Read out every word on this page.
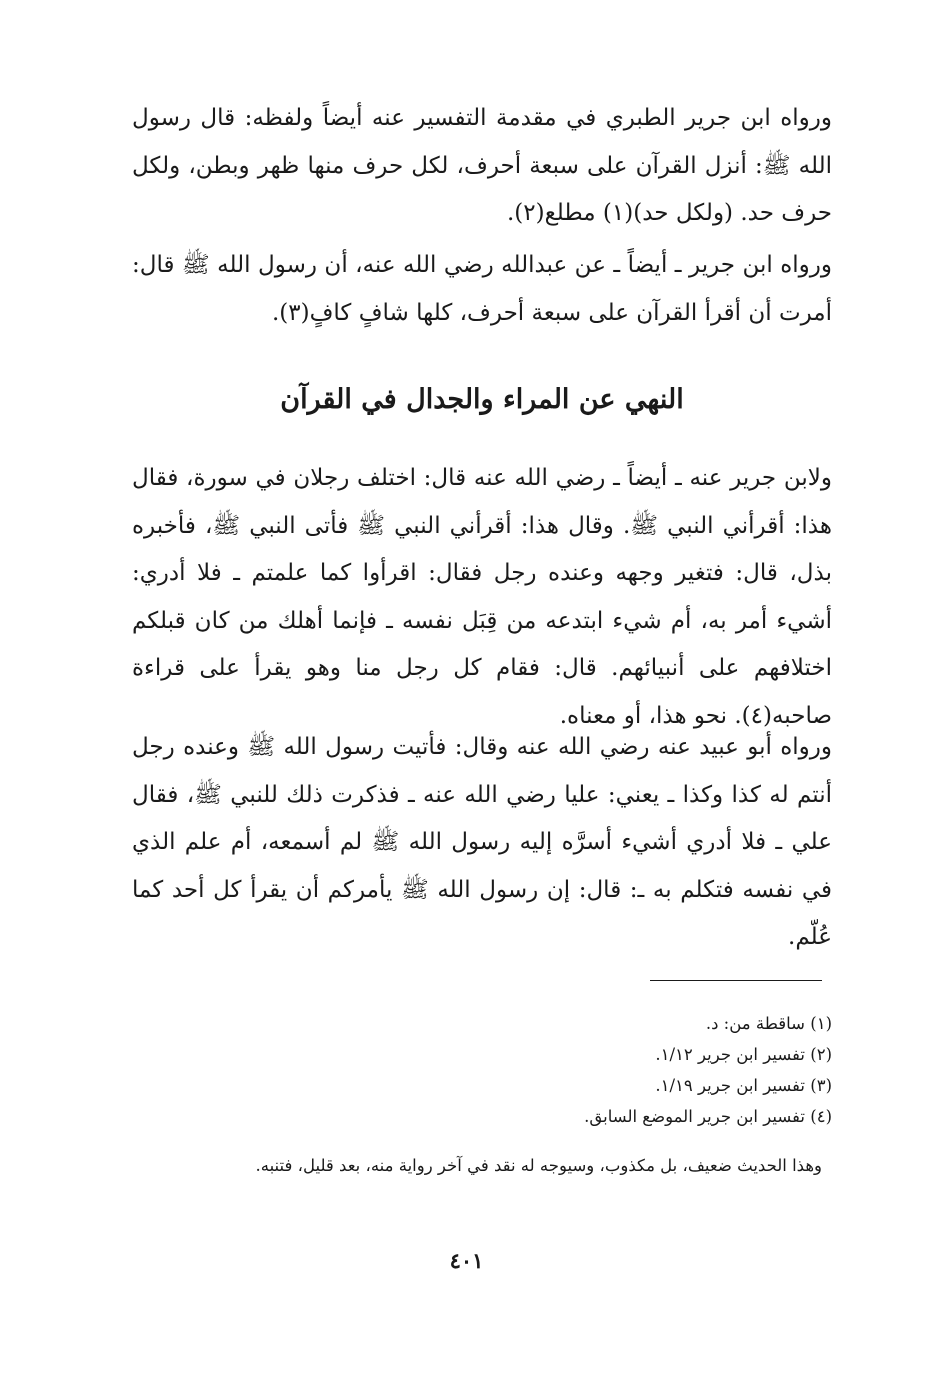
ورواه ابن جرير الطبري في مقدمة التفسير عنه أيضاً ولفظه: قال رسول الله ﷺ: أنزل القرآن على سبعة أحرف، لكل حرف منها ظهر وبطن، ولكل حرف حد. (ولكل حد)(١) مطلع(٢).

ورواه ابن جرير ـ أيضاً ـ عن عبدالله رضي الله عنه، أن رسول الله ﷺ قال: أمرت أن أقرأ القرآن على سبعة أحرف، كلها شافٍ كافٍ(٣).

النهي عن المراء والجدال في القرآن

ولابن جرير عنه ـ أيضاً ـ رضي الله عنه قال: اختلف رجلان في سورة، فقال هذا: أقرأني النبي ﷺ. وقال هذا: أقرأني النبي ﷺ فأتى النبي ﷺ، فأخبره بذل، قال: فتغير وجهه وعنده رجل فقال: اقرأوا كما علمتم ـ فلا أدري: أشيء أمر به، أم شيء ابتدعه من قِبَل نفسه ـ فإنما أهلك من كان قبلكم اختلافهم على أنبيائهم. قال: فقام كل رجل منا وهو يقرأ على قراءة صاحبه(٤). نحو هذا، أو معناه.

ورواه أبو عبيد عنه رضي الله عنه وقال: فأتيت رسول الله ﷺ وعنده رجل أنتم له كذا وكذا ـ يعني: عليا رضي الله عنه ـ فذكرت ذلك للنبي ﷺ، فقال علي ـ فلا أدري أشيء أسرَّه إليه رسول الله ﷺ لم أسمعه، أم علم الذي في نفسه فتكلم به ـ: قال: إن رسول الله ﷺ يأمركم أن يقرأ كل أحد كما عُلّم.

(١) ساقطة من: د.
(٢) تفسير ابن جرير ١/١٢.
(٣) تفسير ابن جرير ١/١٩.
(٤) تفسير ابن جرير الموضع السابق.

وهذا الحديث ضعيف، بل مكذوب، وسيوجه له نقد في آخر رواية منه، بعد قليل، فتنبه.

٤٠١
